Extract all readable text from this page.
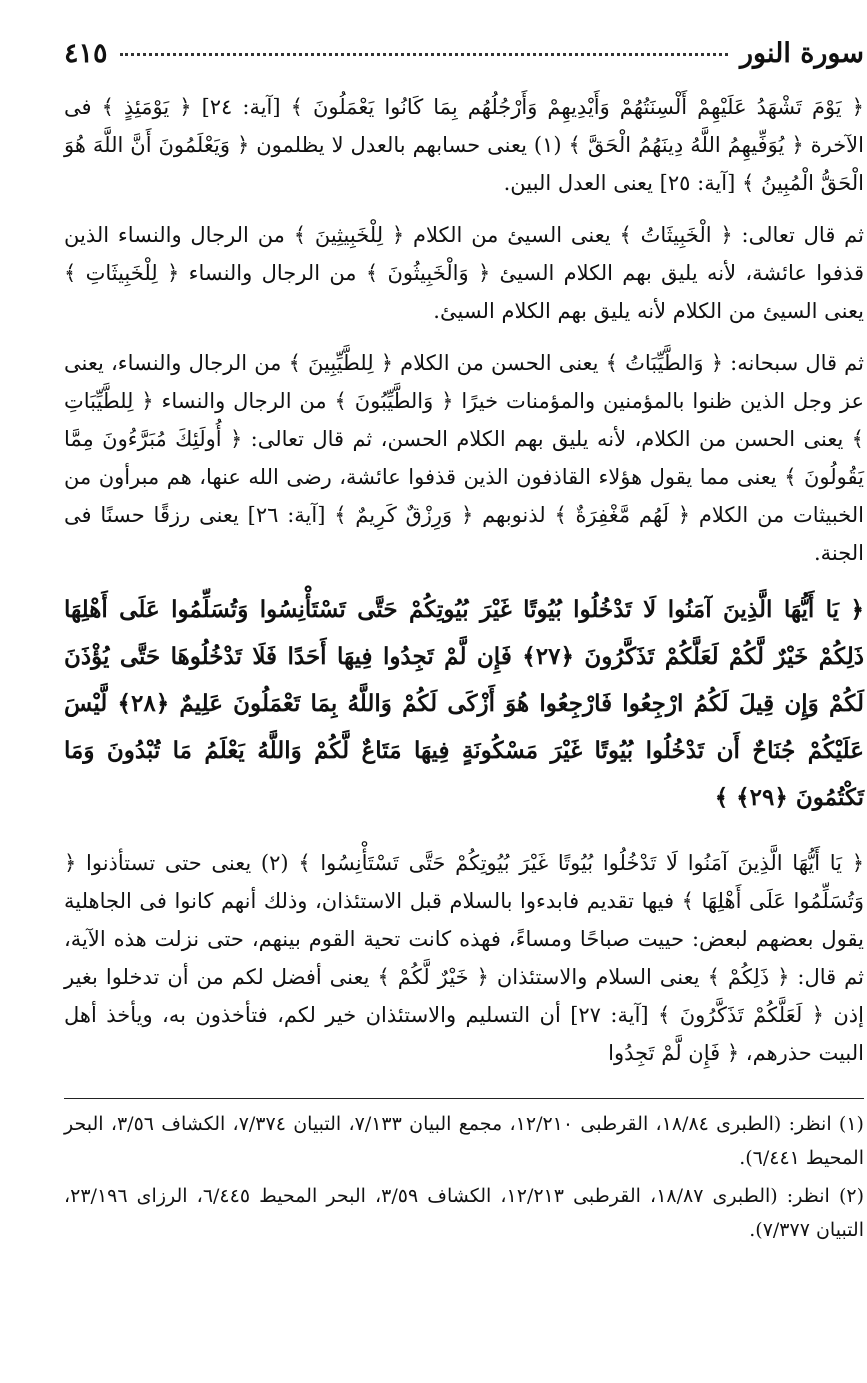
سورة النور
٤١٥

﴿ يَوْمَ تَشْهَدُ عَلَيْهِمْ أَلْسِنَتُهُمْ وَأَيْدِيهِمْ وَأَرْجُلُهُم بِمَا كَانُوا يَعْمَلُونَ ﴾ [آية: ٢٤] ﴿ يَوْمَئِذٍ ﴾ فى الآخرة ﴿ يُوَفِّيهِمُ اللَّهُ دِينَهُمُ الْحَقَّ ﴾ (١) يعنى حسابهم بالعدل لا يظلمون ﴿ وَيَعْلَمُونَ أَنَّ اللَّهَ هُوَ الْحَقُّ الْمُبِينُ ﴾ [آية: ٢٥] يعنى العدل البين.

ثم قال تعالى: ﴿ الْخَبِيثَاتُ ﴾ يعنى السيئ من الكلام ﴿ لِلْخَبِيثِينَ ﴾ من الرجال والنساء الذين قذفوا عائشة، لأنه يليق بهم الكلام السيئ ﴿ وَالْخَبِيثُونَ ﴾ من الرجال والنساء ﴿ لِلْخَبِيثَاتِ ﴾ يعنى السيئ من الكلام لأنه يليق بهم الكلام السيئ.

ثم قال سبحانه: ﴿ وَالطَّيِّبَاتُ ﴾ يعنى الحسن من الكلام ﴿ لِلطَّيِّبِينَ ﴾ من الرجال والنساء، يعنى عز وجل الذين ظنوا بالمؤمنين والمؤمنات خيرًا ﴿ وَالطَّيِّبُونَ ﴾ من الرجال والنساء ﴿ لِلطَّيِّبَاتِ ﴾ يعنى الحسن من الكلام، لأنه يليق بهم الكلام الحسن، ثم قال تعالى: ﴿ أُولَئِكَ مُبَرَّءُونَ مِمَّا يَقُولُونَ ﴾ يعنى مما يقول هؤلاء القاذفون الذين قذفوا عائشة، رضى الله عنها، هم مبرأون من الخبيثات من الكلام ﴿ لَهُم مَّغْفِرَةٌ ﴾ لذنوبهم ﴿ وَرِزْقٌ كَرِيمٌ ﴾ [آية: ٢٦] يعنى رزقًا حسنًا فى الجنة.

﴿ يَا أَيُّهَا الَّذِينَ آمَنُوا لَا تَدْخُلُوا بُيُوتًا غَيْرَ بُيُوتِكُمْ حَتَّى تَسْتَأْنِسُوا وَتُسَلِّمُوا عَلَى أَهْلِهَا ذَلِكُمْ خَيْرٌ لَّكُمْ لَعَلَّكُمْ تَذَكَّرُونَ ﴿٢٧﴾ فَإِن لَّمْ تَجِدُوا فِيهَا أَحَدًا فَلَا تَدْخُلُوهَا حَتَّى يُؤْذَنَ لَكُمْ وَإِن قِيلَ لَكُمُ ارْجِعُوا فَارْجِعُوا هُوَ أَزْكَى لَكُمْ وَاللَّهُ بِمَا تَعْمَلُونَ عَلِيمٌ ﴿٢٨﴾ لَّيْسَ عَلَيْكُمْ جُنَاحٌ أَن تَدْخُلُوا بُيُوتًا غَيْرَ مَسْكُونَةٍ فِيهَا مَتَاعٌ لَّكُمْ وَاللَّهُ يَعْلَمُ مَا تُبْدُونَ وَمَا تَكْتُمُونَ ﴿٢٩﴾ ﴾

﴿ يَا أَيُّهَا الَّذِينَ آمَنُوا لَا تَدْخُلُوا بُيُوتًا غَيْرَ بُيُوتِكُمْ حَتَّى تَسْتَأْنِسُوا ﴾ (٢) يعنى حتى تستأذنوا ﴿ وَتُسَلِّمُوا عَلَى أَهْلِهَا ﴾ فيها تقديم فابدءوا بالسلام قبل الاستئذان، وذلك أنهم كانوا فى الجاهلية يقول بعضهم لبعض: حييت صباحًا ومساءً، فهذه كانت تحية القوم بينهم، حتى نزلت هذه الآية، ثم قال: ﴿ ذَلِكُمْ ﴾ يعنى السلام والاستئذان ﴿ خَيْرٌ لَّكُمْ ﴾ يعنى أفضل لكم من أن تدخلوا بغير إذن ﴿ لَعَلَّكُمْ تَذَكَّرُونَ ﴾ [آية: ٢٧] أن التسليم والاستئذان خير لكم، فتأخذون به، ويأخذ أهل البيت حذرهم، ﴿ فَإِن لَّمْ تَجِدُوا

(١) انظر: (الطبرى ١٨/٨٤، القرطبى ١٢/٢١٠، مجمع البيان ٧/١٣٣، التبيان ٧/٣٧٤، الكشاف ٣/٥٦، البحر المحيط ٦/٤٤١).

(٢) انظر: (الطبرى ١٨/٨٧، القرطبى ١٢/٢١٣، الكشاف ٣/٥٩، البحر المحيط ٦/٤٤٥، الرزاى ٢٣/١٩٦، التبيان ٧/٣٧٧).
